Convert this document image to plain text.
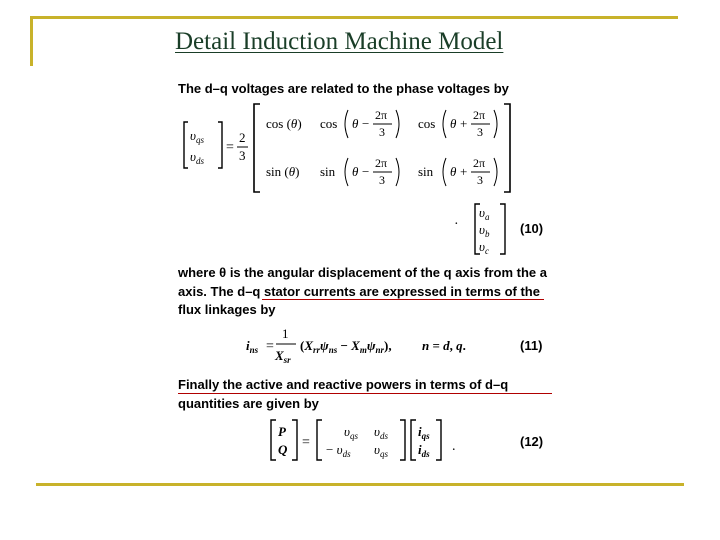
Detail Induction Machine Model
The d–q voltages are related to the phase voltages by
$\upsilon_{qs}$
$\upsilon_{ds}$
=
2
3
cos (θ) cos θ −
2π
3
cos θ +
2π
3
sin (θ) sin θ −
2π
3
sin θ +
2π
3
·
$\upsilon_a$
$\upsilon_b$
$\upsilon_c$
(10)
where θ is the angular displacement of the q axis from the a axis. The d–q stator currents are expressed in terms of the flux linkages by
$i_{ns}$ =
1
$X_{sr}$
$(X_{rr}\psi_{ns} - X_m\psi_{nr})$, n = d, q.	(11)
Finally the active and reactive powers in terms of d–q quantities are given by
P
Q =
$\upsilon_{qs}$ $\upsilon_{ds}$
− $\upsilon_{ds}$ $\upsilon_{qs}$
$i_{qs}$
$i_{ds}$ .	(12)
